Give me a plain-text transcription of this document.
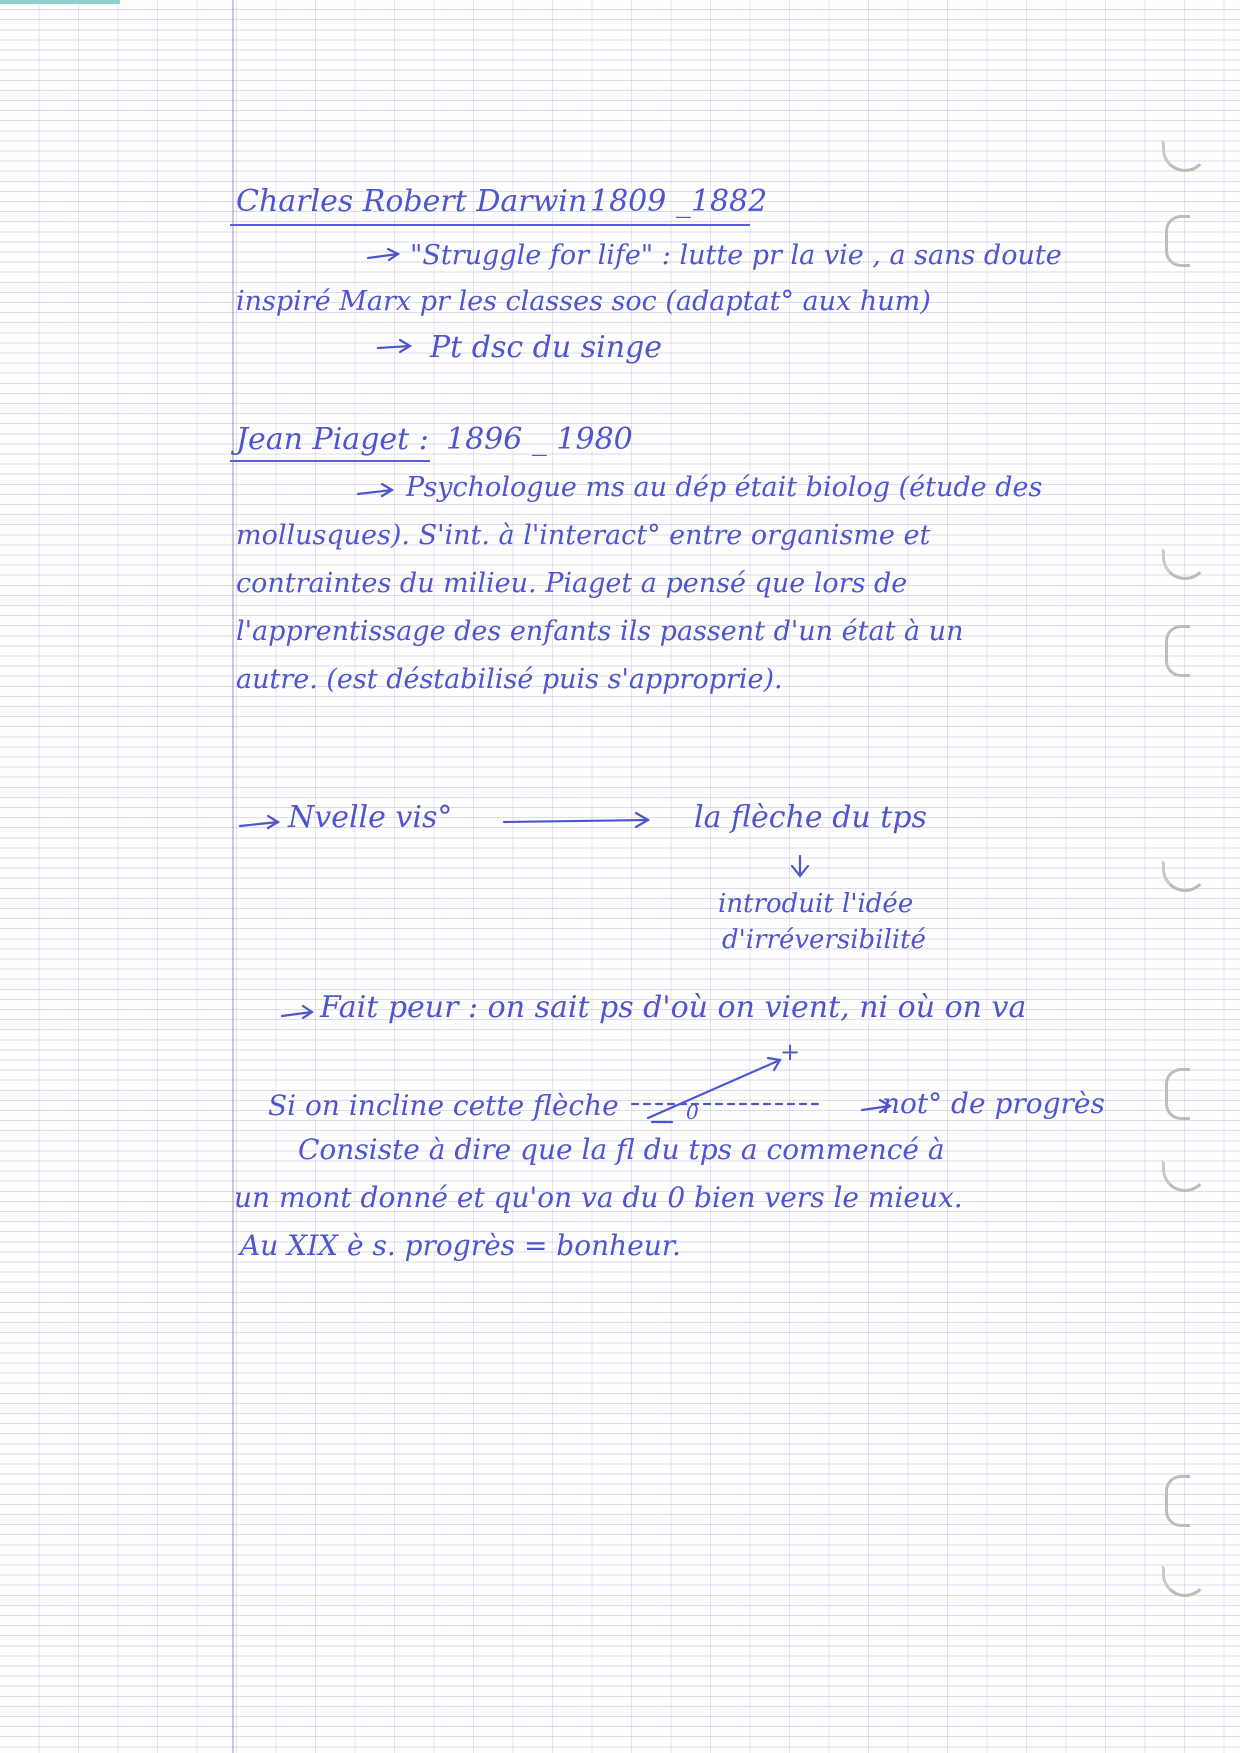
Charles Robert Darwin 1809 _1882
"Struggle for life" : lutte pr la vie , a sans doute
inspiré Marx pr les classes soc (adaptat° aux hum)
Pt dsc du singe
Jean Piaget : 1896 _ 1980
Psychologue ms au dép était biolog (étude des
mollusques). S'int. à l'interact° entre organisme et
contraintes du milieu. Piaget a pensé que lors de
l'apprentissage des enfants ils passent d'un état à un
autre. (est déstabilisé puis s'approprie).
Nvelle vis°	la flèche du tps
introduit l'idée
d'irréversibilité
Fait peur : on sait ps d'où on vient, ni où on va
Si on incline cette flèche
+
0	not° de progrès
Consiste à dire que la fl du tps a commencé à
un mont donné et qu'on va du 0 bien vers le mieux.
Au XIX è s. progrès = bonheur.
